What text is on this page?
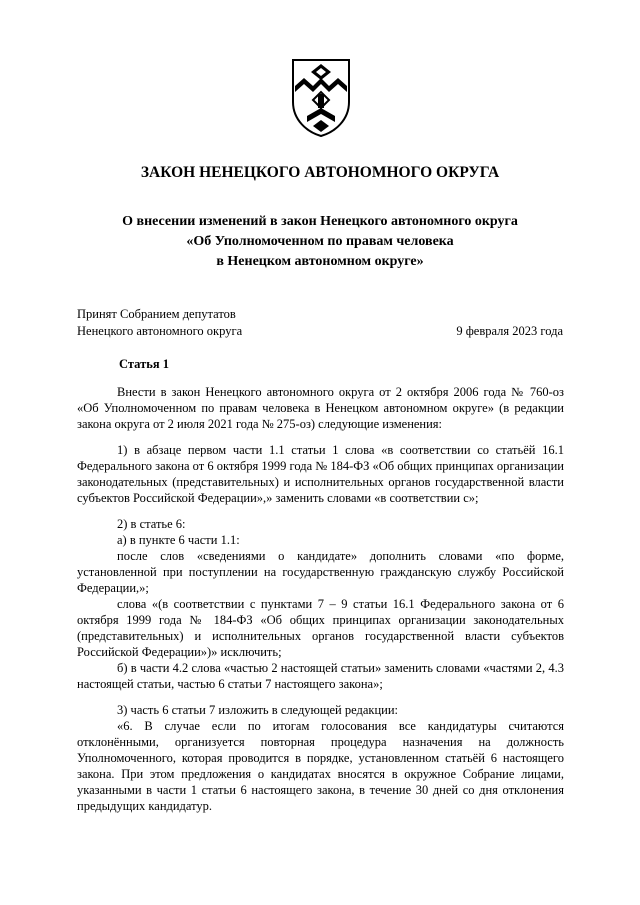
ЗАКОН НЕНЕЦКОГО АВТОНОМНОГО ОКРУГА
О внесении изменений в закон Ненецкого автономного округа
«Об Уполномоченном по правам человека
в Ненецком автономном округе»
Принят Собранием депутатов
Ненецкого автономного округа	9 февраля 2023 года
Статья 1

Внести в закон Ненецкого автономного округа от 2 октября 2006 года № 760-оз «Об Уполномоченном по правам человека в Ненецком автономном округе» (в редакции закона округа от 2 июля 2021 года № 275-оз) следующие изменения:

1) в абзаце первом части 1.1 статьи 1 слова «в соответствии со статьёй 16.1 Федерального закона от 6 октября 1999 года № 184-ФЗ «Об общих принципах организации законодательных (представительных) и исполнительных органов государственной власти субъектов Российской Федерации»,» заменить словами «в соответствии с»;

2) в статье 6:

а) в пункте 6 части 1.1:

после слов «сведениями о кандидате» дополнить словами «по форме, установленной при поступлении на государственную гражданскую службу Российской Федерации,»;

слова «(в соответствии с пунктами 7 – 9 статьи 16.1 Федерального закона от 6 октября 1999 года № 184-ФЗ «Об общих принципах организации законодательных (представительных) и исполнительных органов государственной власти субъектов Российской Федерации»)» исключить;

б) в части 4.2 слова «частью 2 настоящей статьи» заменить словами «частями 2, 4.3 настоящей статьи, частью 6 статьи 7 настоящего закона»;

3) часть 6 статьи 7 изложить в следующей редакции:

«6. В случае если по итогам голосования все кандидатуры считаются отклонёнными, организуется повторная процедура назначения на должность Уполномоченного, которая проводится в порядке, установленном статьёй 6 настоящего закона. При этом предложения о кандидатах вносятся в окружное Собрание лицами, указанными в части 1 статьи 6 настоящего закона, в течение 30 дней со дня отклонения предыдущих кандидатур.
